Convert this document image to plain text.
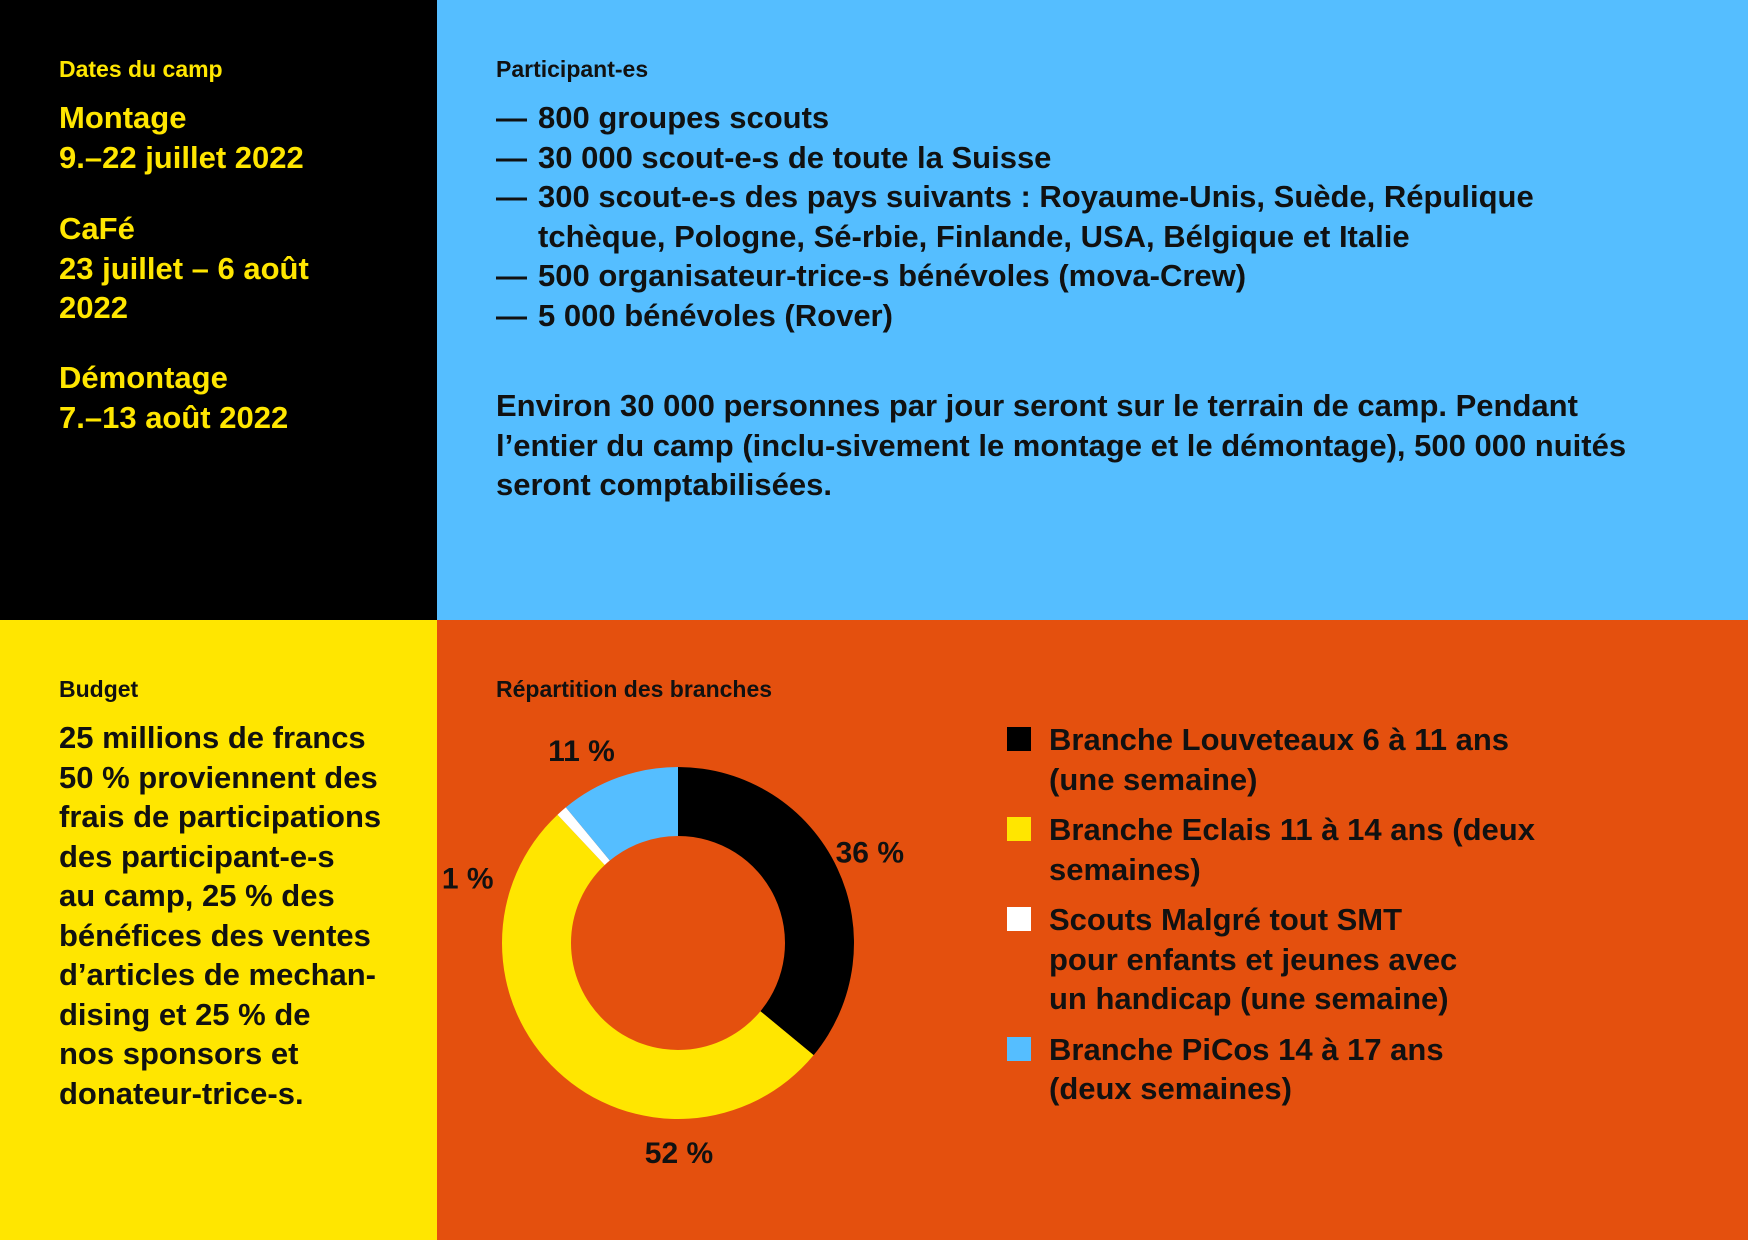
Dates du camp
Montage
9.–22 juillet 2022
CaFé
23 juillet – 6 août
2022
Démontage
7.–13 août 2022
Participant-es
— 800 groupes scouts
— 30 000 scout-e-s de toute la Suisse
— 300 scout-e-s des pays suivants : Royaume-Unis, Suède, Répulique tchèque, Pologne, Sé-rbie, Finlande, USA, Bélgique et Italie
— 500 organisateur-trice-s bénévoles (mova-Crew)
— 5 000 bénévoles (Rover)
Environ 30 000 personnes par jour seront sur le terrain de camp. Pendant l’entier du camp (inclu-sivement le montage et le démontage), 500 000 nuités seront comptabilisées.
Budget
25 millions de francs
50 % proviennent des
frais de participations
des participant-e-s
au camp, 25 % des
bénéfices des ventes
d’articles de mechan-
dising et 25 % de
nos sponsors et
donateur-trice-s.
Répartition des branches
36 %
52 %
1 %
11 %	Branche Louveteaux 6 à 11 ans
(une semaine)
Branche Eclais 11 à 14 ans (deux
semaines)
Scouts Malgré tout SMT
pour enfants et jeunes avec
un handicap (une semaine)
Branche PiCos 14 à 17 ans
(deux semaines)
